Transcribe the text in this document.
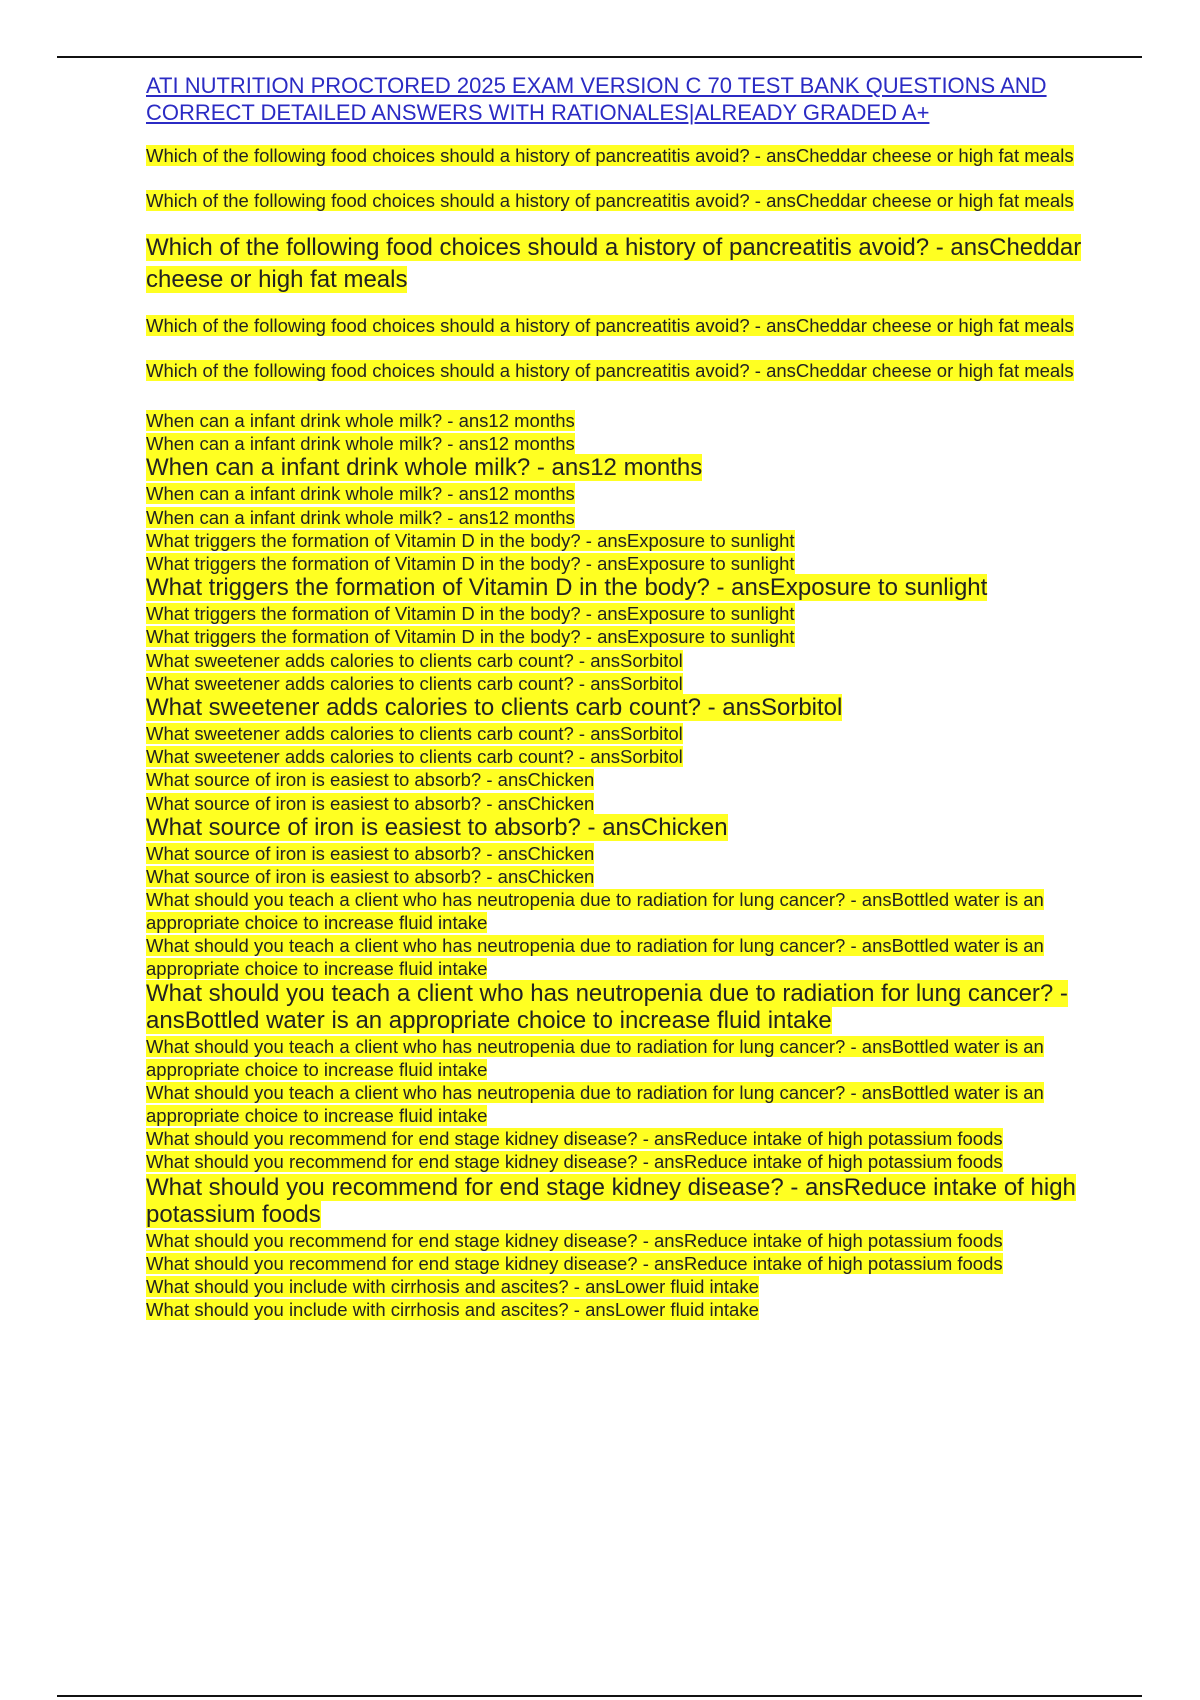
ATI NUTRITION PROCTORED 2025 EXAM VERSION C 70 TEST BANK QUESTIONS AND CORRECT DETAILED ANSWERS WITH RATIONALES|ALREADY GRADED A+
Which of the following food choices should a history of pancreatitis avoid? - ansCheddar cheese or high fat meals
Which of the following food choices should a history of pancreatitis avoid? - ansCheddar cheese or high fat meals
Which of the following food choices should a history of pancreatitis avoid? - ansCheddar cheese or high fat meals
Which of the following food choices should a history of pancreatitis avoid? - ansCheddar cheese or high fat meals
Which of the following food choices should a history of pancreatitis avoid? - ansCheddar cheese or high fat meals
When can a infant drink whole milk? - ans12 months
When can a infant drink whole milk? - ans12 months
When can a infant drink whole milk? - ans12 months
When can a infant drink whole milk? - ans12 months
When can a infant drink whole milk? - ans12 months
What triggers the formation of Vitamin D in the body? - ansExposure to sunlight
What triggers the formation of Vitamin D in the body? - ansExposure to sunlight
What triggers the formation of Vitamin D in the body? - ansExposure to sunlight
What triggers the formation of Vitamin D in the body? - ansExposure to sunlight
What triggers the formation of Vitamin D in the body? - ansExposure to sunlight
What sweetener adds calories to clients carb count? - ansSorbitol
What sweetener adds calories to clients carb count? - ansSorbitol
What sweetener adds calories to clients carb count? - ansSorbitol
What sweetener adds calories to clients carb count? - ansSorbitol
What sweetener adds calories to clients carb count? - ansSorbitol
What source of iron is easiest to absorb? - ansChicken
What source of iron is easiest to absorb? - ansChicken
What source of iron is easiest to absorb? - ansChicken
What source of iron is easiest to absorb? - ansChicken
What source of iron is easiest to absorb? - ansChicken
What should you teach a client who has neutropenia due to radiation for lung cancer? - ansBottled water is an appropriate choice to increase fluid intake
What should you teach a client who has neutropenia due to radiation for lung cancer? - ansBottled water is an appropriate choice to increase fluid intake
What should you teach a client who has neutropenia due to radiation for lung cancer? - ansBottled water is an appropriate choice to increase fluid intake
What should you teach a client who has neutropenia due to radiation for lung cancer? - ansBottled water is an appropriate choice to increase fluid intake
What should you teach a client who has neutropenia due to radiation for lung cancer? - ansBottled water is an appropriate choice to increase fluid intake
What should you recommend for end stage kidney disease? - ansReduce intake of high potassium foods
What should you recommend for end stage kidney disease? - ansReduce intake of high potassium foods
What should you recommend for end stage kidney disease? - ansReduce intake of high potassium foods
What should you recommend for end stage kidney disease? - ansReduce intake of high potassium foods
What should you recommend for end stage kidney disease? - ansReduce intake of high potassium foods
What should you include with cirrhosis and ascites? - ansLower fluid intake
What should you include with cirrhosis and ascites? - ansLower fluid intake
